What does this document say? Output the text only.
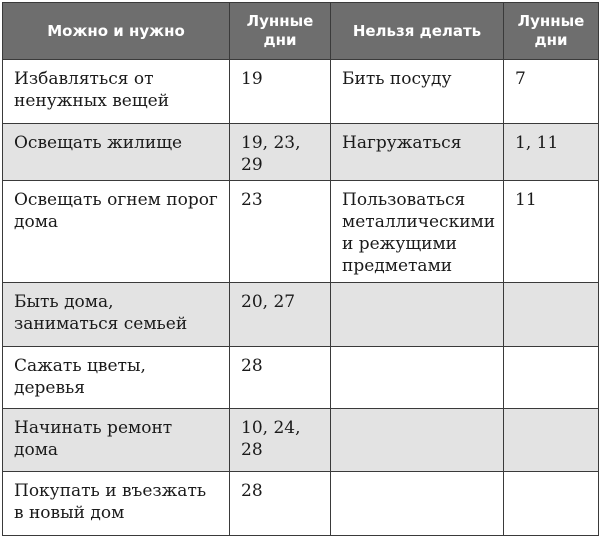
Можно и нужно	Лунные дни	Нельзя делать	Лунные дни
Избавляться от ненужных вещей	19	Бить посуду	7
Освещать жилище	19, 23, 29	Нагружаться	1, 11
Освещать огнем порог дома	23	Пользоваться металлическими и режущими предметами	11
Быть дома, заниматься семьей	20, 27		
Сажать цветы, деревья	28		
Начинать ремонт дома	10, 24, 28		
Покупать и въезжать в новый дом	28		
